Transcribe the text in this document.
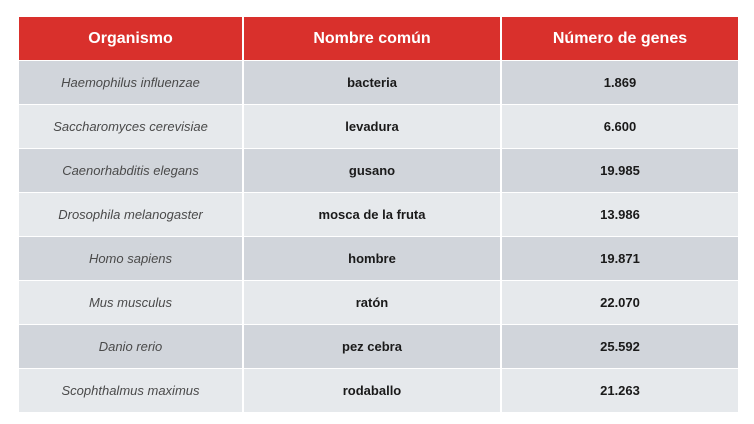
Organismo	Nombre común	Número de genes
Haemophilus influenzae	bacteria	1.869
Saccharomyces cerevisiae	levadura	6.600
Caenorhabditis elegans	gusano	19.985
Drosophila melanogaster	mosca de la fruta	13.986
Homo sapiens	hombre	19.871
Mus musculus	ratón	22.070
Danio rerio	pez cebra	25.592
Scophthalmus maximus	rodaballo	21.263
